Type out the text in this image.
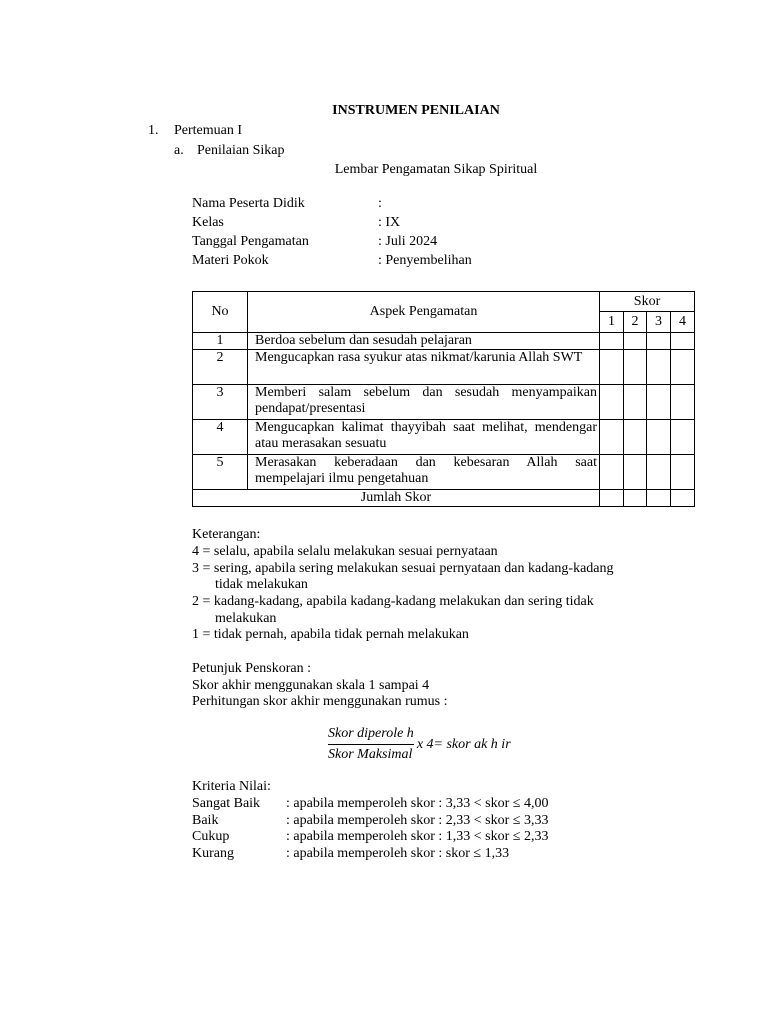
INSTRUMEN PENILAIAN
1. Pertemuan I
a. Penilaian Sikap
Lembar Pengamatan Sikap Spiritual
Nama Peserta Didik	:
Kelas	: IX
Tanggal Pengamatan	: Juli 2024
Materi Pokok	: Penyembelihan
No	Aspek Pengamatan	Skor			
		1	2	3	4
1	Berdoa sebelum dan sesudah pelajaran				
2	Mengucapkan rasa syukur atas nikmat/karunia Allah SWT				
3	Memberi salam sebelum dan sesudah menyampaikan pendapat/presentasi				
4	Mengucapkan kalimat thayyibah saat melihat, mendengar atau merasakan sesuatu				
5	Merasakan keberadaan dan kebesaran Allah saat mempelajari ilmu pengetahuan				
Jumlah Skor					
Keterangan:
4 = selalu, apabila selalu melakukan sesuai pernyataan
3 = sering, apabila sering melakukan sesuai pernyataan dan kadang-kadang
tidak melakukan
2 = kadang-kadang, apabila kadang-kadang melakukan dan sering tidak
melakukan
1 = tidak pernah, apabila tidak pernah melakukan
Petunjuk Penskoran :
Skor akhir menggunakan skala 1 sampai 4
Perhitungan skor akhir menggunakan rumus :
$\frac{\text{Skor diperole h}}{\text{Skor Maksimal}}$ x 4= skor ak h ir
Kriteria Nilai:
Sangat Baik : apabila memperoleh skor : 3,33 < skor ≤ 4,00
Baik	: apabila memperoleh skor : 2,33 < skor ≤ 3,33
Cukup	: apabila memperoleh skor : 1,33 < skor ≤ 2,33
Kurang	: apabila memperoleh skor : skor ≤ 1,33
